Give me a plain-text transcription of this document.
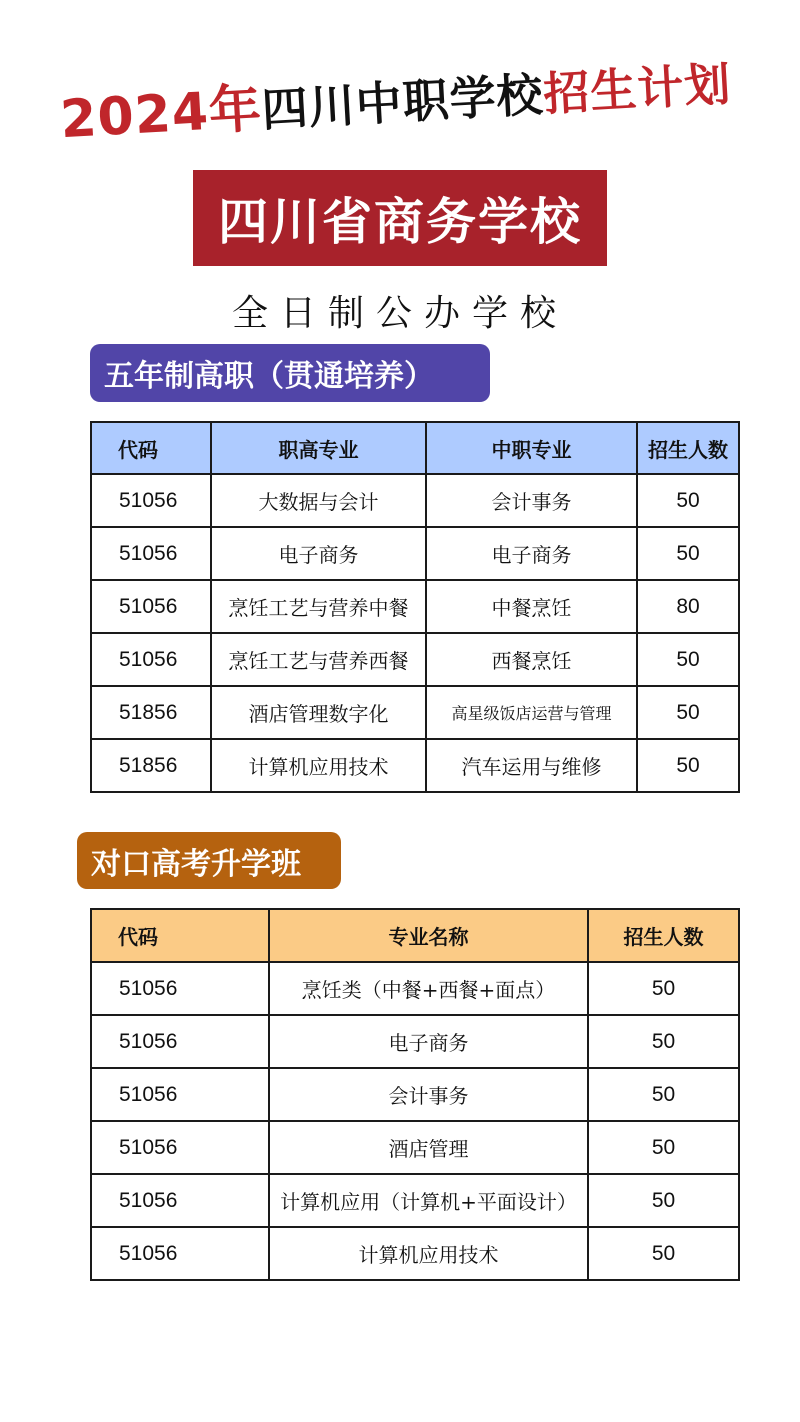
2024年四川中职学校招生计划
四川省商务学校
全日制公办学校
五年制高职（贯通培养）
代码	职高专业	中职专业	招生人数
51056	大数据与会计	会计事务	50
51056	电子商务	电子商务	50
51056	烹饪工艺与营养中餐	中餐烹饪	80
51056	烹饪工艺与营养西餐	西餐烹饪	50
51856	酒店管理数字化	高星级饭店运营与管理	50
51856	计算机应用技术	汽车运用与维修	50
对口高考升学班
代码	专业名称	招生人数
51056	烹饪类（中餐+西餐+面点）	50
51056	电子商务	50
51056	会计事务	50
51056	酒店管理	50
51056	计算机应用（计算机+平面设计）	50
51056	计算机应用技术	50
